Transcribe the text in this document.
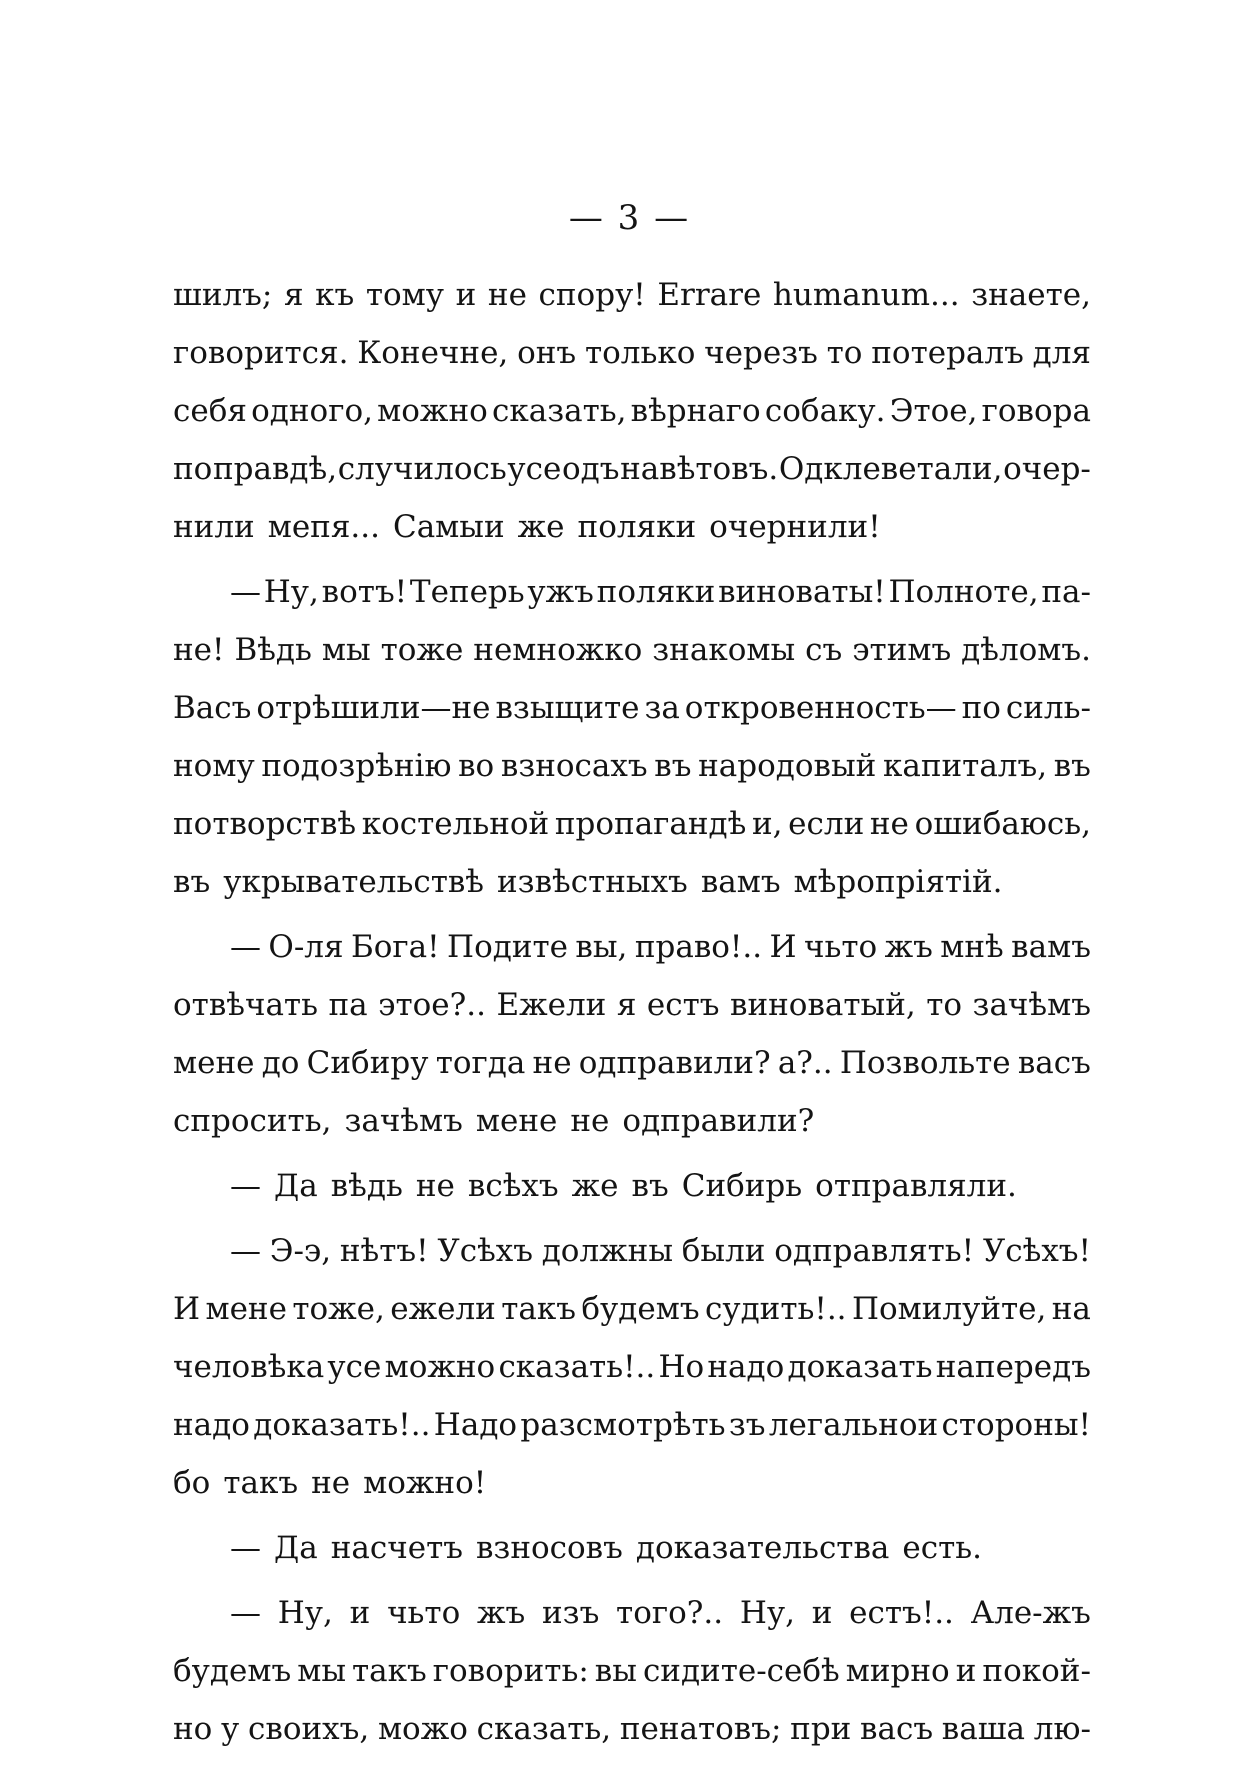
— 3 —
шилъ; я къ тому и не спору! Errare humanum... знаете,
говорится. Конечне, онъ только черезъ то потералъ для
себя одного, можно сказать, вѣрнаго собаку. Этое, говора
по правдѣ, случилось усе одъ навѣтовъ. Одклеветали, очер-
нили мепя... Самыи же поляки очернили!
— Ну, вотъ! Теперь ужъ поляки виноваты! Полноте, па-
не! Вѣдь мы тоже немножко знакомы съ этимъ дѣломъ.
Васъ отрѣшили—не взыщите за откровенность— по силь-
ному подозрѣнію во взносахъ въ народовый капиталъ, въ
потворствѣ костельной пропагандѣ и, если не ошибаюсь,
въ укрывательствѣ извѣстныхъ вамъ мѣропріятій.
— О-ля Бога! Подите вы, право!.. И чьто жъ мнѣ вамъ
отвѣчать па этое?.. Ежели я естъ виноватый, то зачѣмъ
мене до Сибиру тогда не одправили? а?.. Позвольте васъ
спросить, зачѣмъ мене не одправили?
— Да вѣдь не всѣхъ же въ Сибирь отправляли.
— Э-э, нѣтъ! Усѣхъ должны были одправлять! Усѣхъ!
И мене тоже, ежели такъ будемъ судить!.. Помилуйте, на
человѣка усе можно сказать!.. Но надо доказать напередъ
надо доказать!.. Надо разсмотрѣть зъ легальнои стороны!
бо такъ не можно!
— Да насчетъ взносовъ доказательства есть.
— Ну, и чьто жъ изъ того?.. Ну, и естъ!.. Але-жъ
будемъ мы такъ говорить: вы сидите-себѣ мирно и покой-
но у своихъ, можо сказать, пенатовъ; при васъ ваша лю-
